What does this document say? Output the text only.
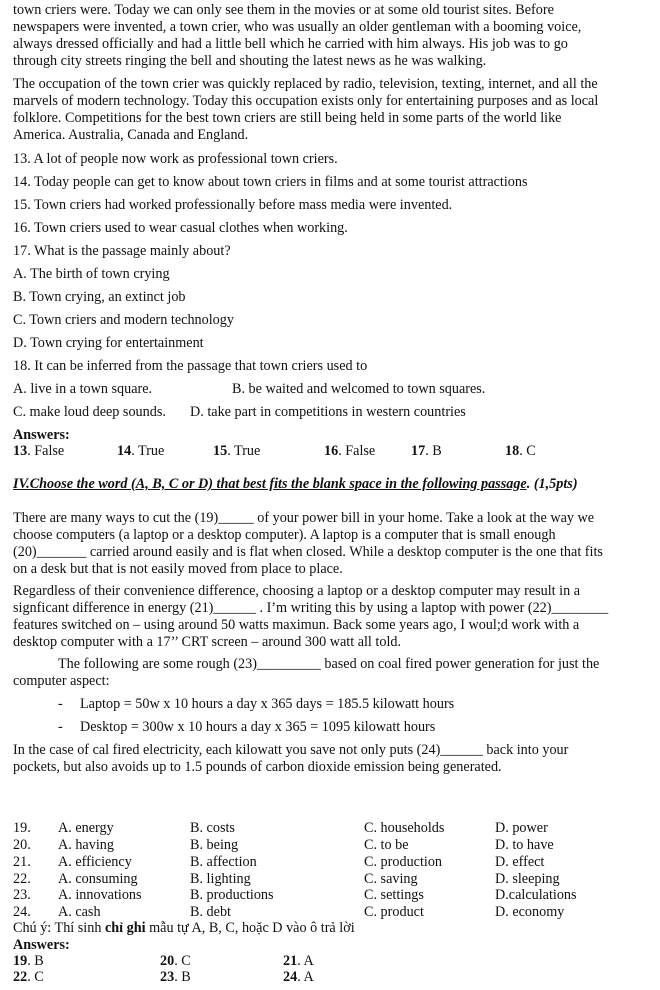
town criers were. Today we can only see them in the movies or at some old tourist sites. Before
newspapers were invented, a town crier, who was usually an older gentleman with a booming voice,
always dressed officially and had a little bell which he carried with him always. His job was to go
through city streets ringing the bell and shouting the latest news as he was walking.
The occupation of the town crier was quickly replaced by radio, television, texting, internet, and all the
marvels of modern technology. Today this occupation exists only for entertaining purposes and as local
folklore. Competitions for the best town criers are still being held in some parts of the world like
America. Australia, Canada and England.
13. A lot of people now work as professional town criers.
14. Today people can get to know about town criers in films and at some tourist attractions
15. Town criers had worked professionally before mass media were invented.
16. Town criers used to wear casual clothes when working.
17. What is the passage mainly about?
A. The birth of town crying
B. Town crying, an extinct job
C. Town criers and modern technology
D. Town crying for entertainment
18. It can be inferred from the passage that town criers used to
A. live in a town square.	B. be waited and welcomed to town squares.
C. make loud deep sounds. D. take part in competitions in western countries
Answers:
13. False	14. True	15. True	16. False	17. B	18. C
IV.Choose the word (A, B, C or D) that best fits the blank space in the following passage. (1,5pts)
There are many ways to cut the (19)_____ of your power bill in your home. Take a look at the way we
choose computers (a laptop or a desktop computer). A laptop is a computer that is small enough
(20)_______ carried around easily and is flat when closed. While a desktop computer is the one that fits
on a desk but that is not easily moved from place to place.
Regardless of their convenience difference, choosing a laptop or a desktop computer may result in a
signficant difference in energy (21)______ . I’m writing this by using a laptop with power (22)________
features switched on – using around 50 watts maximun. Back some years ago, I woul;d work with a
desktop computer with a 17’’ CRT screen – around 300 watt all told.
The following are some rough (23)_________ based on coal fired power generation for just the
computer aspect:
- Laptop = 50w x 10 hours a day x 365 days = 185.5 kilowatt hours
- Desktop = 300w x 10 hours a day x 365 = 1095 kilowatt hours
In the case of cal fired electricity, each kilowatt you save not only puts (24)______ back into your
pockets, but also avoids up to 1.5 pounds of carbon dioxide emission being generated.
19. A. energy	B. costs	C. households	D. power
20. A. having	B. being	C. to be	D. to have
21. A. efficiency	B. affection	C. production	D. effect
22. A. consuming	B. lighting	C. saving	D. sleeping
23. A. innovations	B. productions	C. settings	D.calculations
24. A. cash	B. debt	C. product	D. economy
Chú ý: Thí sinh chỉ ghi mẫu tự A, B, C, hoặc D vào ô trả lời
Answers:
19. B	20. C	21. A
22. C	23. B	24. A
